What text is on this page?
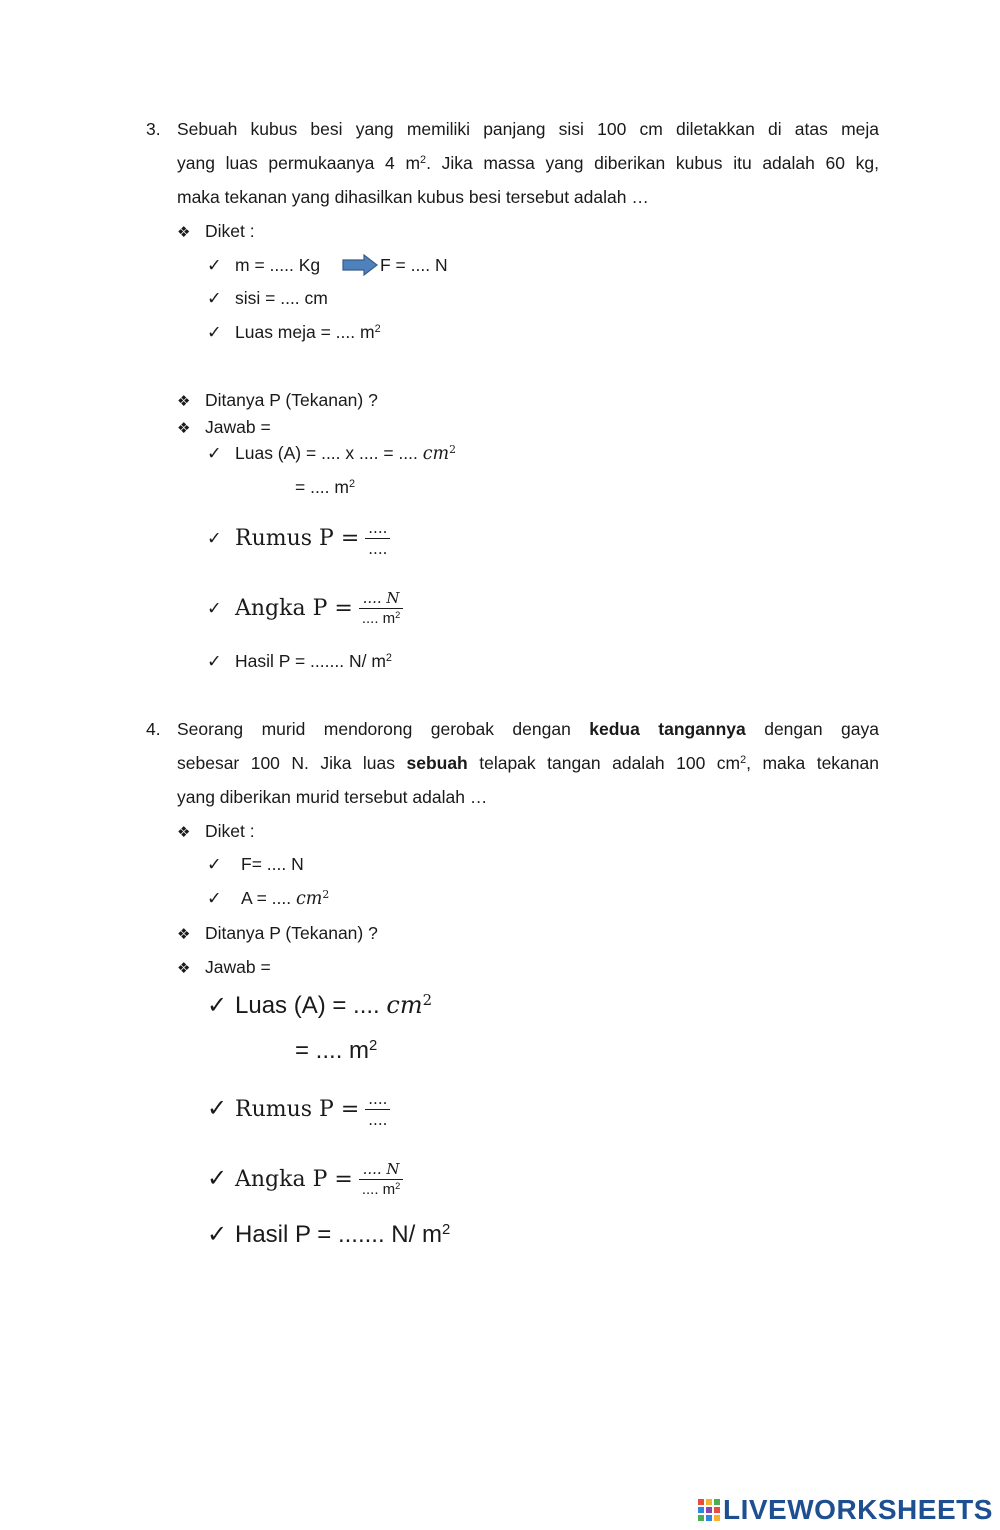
3. Sebuah kubus besi yang memiliki panjang sisi 100 cm diletakkan di atas meja
yang luas permukaanya 4 $m^2$. Jika massa yang diberikan kubus itu adalah 60 kg,
maka tekanan yang dihasilkan kubus besi tersebut adalah …
❖ Diket :
✓ m = ..... Kg	F = .... N
✓ sisi = .... cm
✓ Luas meja = .... $m^2$
❖ Ditanya P (Tekanan) ?
❖ Jawab =
✓ Luas (A) = .... x .... = .... $cm^2$
= .... $m^2$
✓ Rumus $P = \frac{....}{....}$
✓ Angka $P = \frac{.... N}{.... m^2}$
✓ Hasil P = ....... N/ $m^2$
4. Seorang murid mendorong gerobak dengan kedua tangannya dengan gaya
sebesar 100 N. Jika luas sebuah telapak tangan adalah 100 $cm^2$, maka tekanan
yang diberikan murid tersebut adalah …
❖ Diket :
✓ F= .... N
✓ A = .... $cm^2$
❖ Ditanya P (Tekanan) ?
❖ Jawab =
✓ Luas (A) = .... $cm^2$
= .... $m^2$
✓ Rumus $P = \frac{....}{....}$
✓ Angka $P = \frac{.... N}{.... m^2}$
✓ Hasil P = ....... N/ $m^2$
LIVEWORKSHEETS
